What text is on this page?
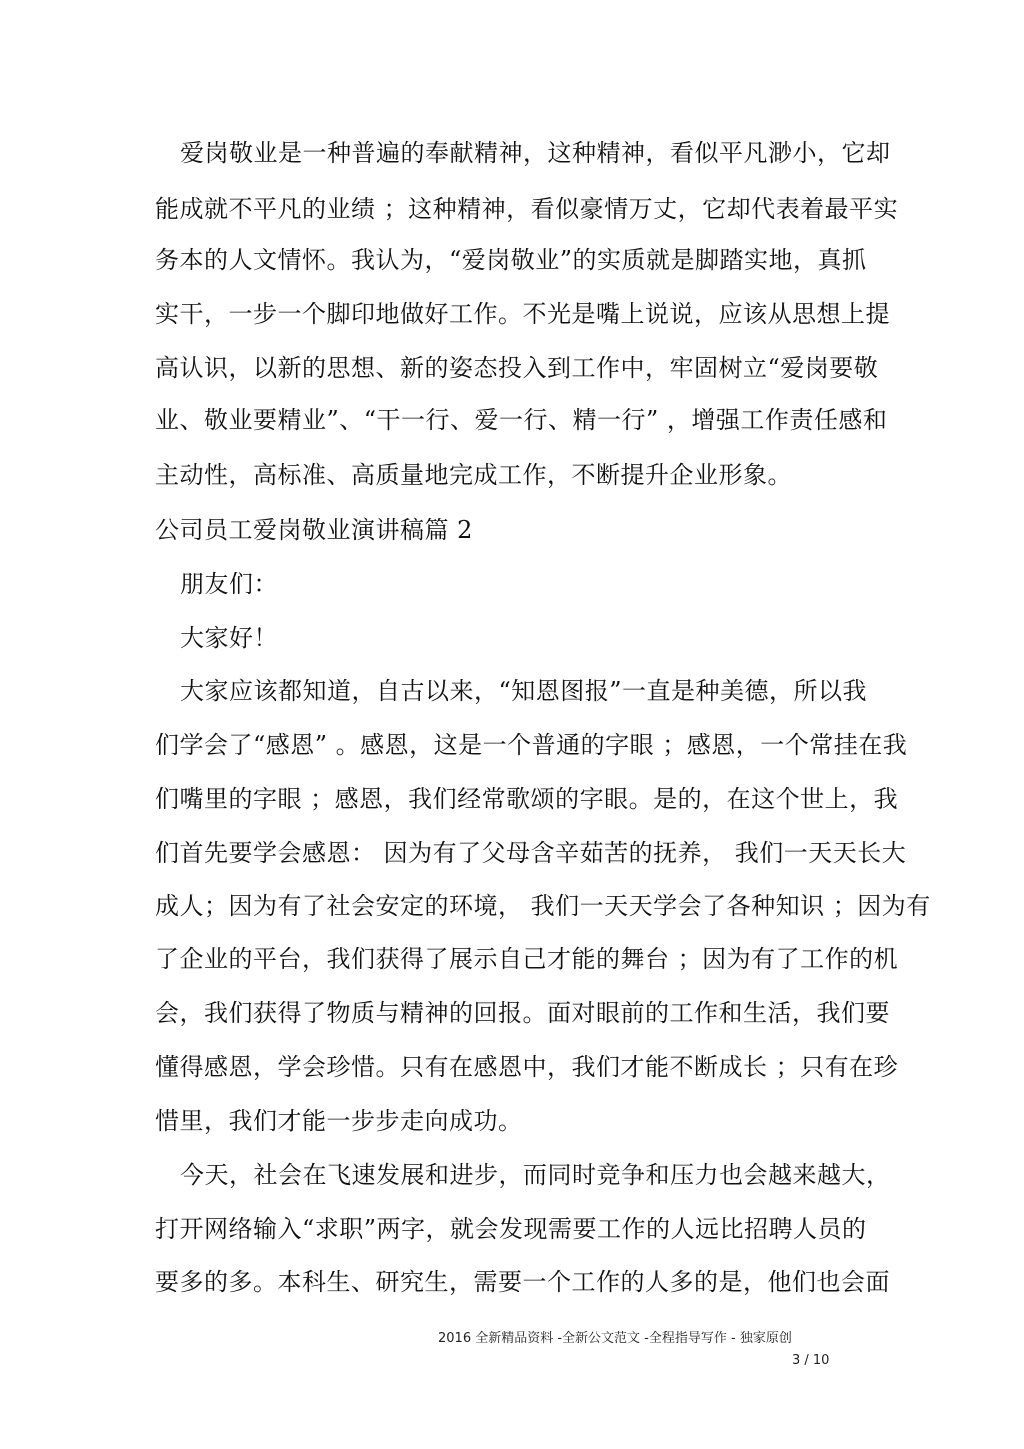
爱岗敬业是一种普遍的奉献精神，这种精神，看似平凡渺小，它却
能成就不平凡的业绩 ；这种精神，看似豪情万丈，它却代表着最平实
务本的人文情怀。我认为，“爱岗敬业”的实质就是脚踏实地，真抓
实干，一步一个脚印地做好工作。不光是嘴上说说，应该从思想上提
高认识，以新的思想、新的姿态投入到工作中，牢固树立“爱岗要敬
业、敬业要精业”、“干一行、爱一行、精一行” ，增强工作责任感和
主动性，高标准、高质量地完成工作，不断提升企业形象。
公司员工爱岗敬业演讲稿篇 2
朋友们：
大家好！
大家应该都知道，自古以来，“知恩图报”一直是种美德，所以我
们学会了“感恩” 。感恩，这是一个普通的字眼 ；感恩，一个常挂在我
们嘴里的字眼 ；感恩，我们经常歌颂的字眼。是的，在这个世上，我
们首先要学会感恩： 因为有了父母含辛茹苦的抚养， 我们一天天长大
成人；因为有了社会安定的环境， 我们一天天学会了各种知识 ；因为有
了企业的平台，我们获得了展示自己才能的舞台 ；因为有了工作的机
会，我们获得了物质与精神的回报。面对眼前的工作和生活，我们要
懂得感恩，学会珍惜。只有在感恩中，我们才能不断成长 ；只有在珍
惜里，我们才能一步步走向成功。
今天，社会在飞速发展和进步，而同时竞争和压力也会越来越大，
打开网络输入“求职”两字，就会发现需要工作的人远比招聘人员的
要多的多。本科生、研究生，需要一个工作的人多的是，他们也会面
2016 全新精品资料 -全新公文范文 -全程指导写作 - 独家原创
3 / 10
